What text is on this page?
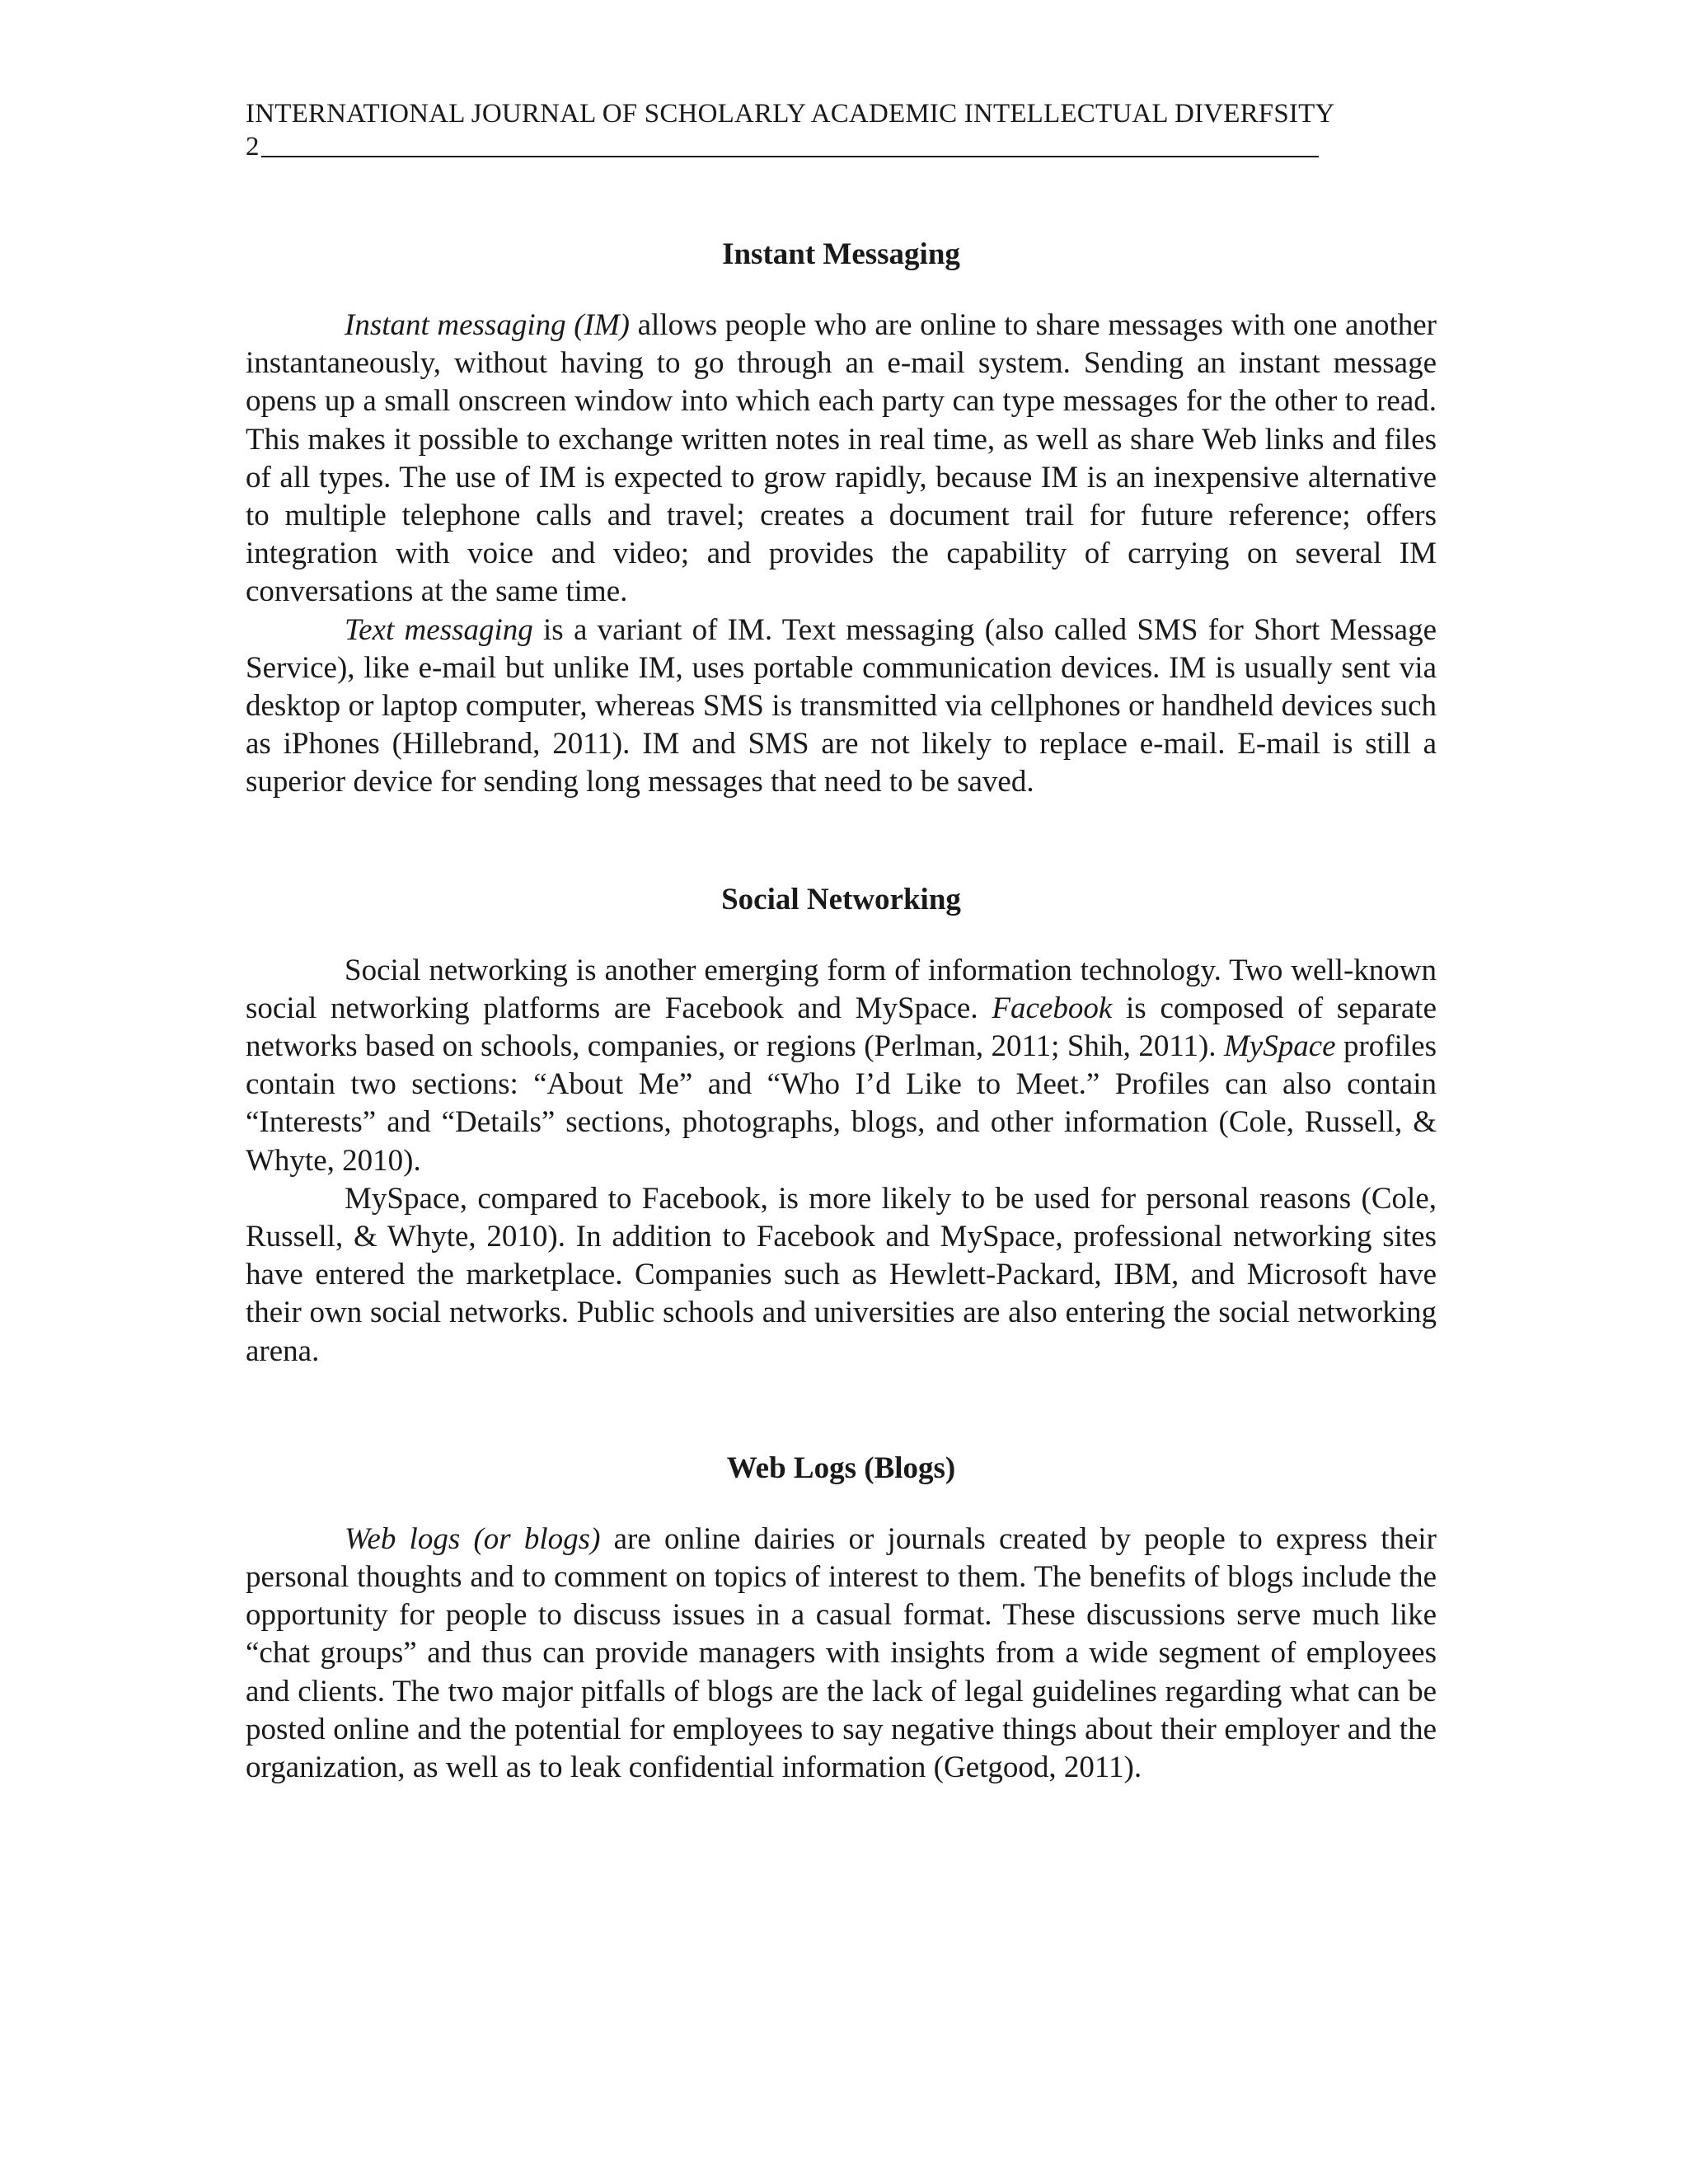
INTERNATIONAL JOURNAL OF SCHOLARLY ACADEMIC INTELLECTUAL DIVERFSITY
2
Instant Messaging

Instant messaging (IM) allows people who are online to share messages with one another instantaneously, without having to go through an e-mail system. Sending an instant message opens up a small onscreen window into which each party can type messages for the other to read. This makes it possible to exchange written notes in real time, as well as share Web links and files of all types. The use of IM is expected to grow rapidly, because IM is an inexpensive alternative to multiple telephone calls and travel; creates a document trail for future reference; offers integration with voice and video; and provides the capability of carrying on several IM conversations at the same time.

Text messaging is a variant of IM. Text messaging (also called SMS for Short Message Service), like e-mail but unlike IM, uses portable communication devices. IM is usually sent via desktop or laptop computer, whereas SMS is transmitted via cellphones or handheld devices such as iPhones (Hillebrand, 2011). IM and SMS are not likely to replace e-mail. E-mail is still a superior device for sending long messages that need to be saved.

Social Networking

Social networking is another emerging form of information technology. Two well-known social networking platforms are Facebook and MySpace. Facebook is composed of separate networks based on schools, companies, or regions (Perlman, 2011; Shih, 2011). MySpace profiles contain two sections: “About Me” and “Who I’d Like to Meet.” Profiles can also contain “Interests” and “Details” sections, photographs, blogs, and other information (Cole, Russell, & Whyte, 2010).

MySpace, compared to Facebook, is more likely to be used for personal reasons (Cole, Russell, & Whyte, 2010). In addition to Facebook and MySpace, professional networking sites have entered the marketplace. Companies such as Hewlett-Packard, IBM, and Microsoft have their own social networks. Public schools and universities are also entering the social networking arena.

Web Logs (Blogs)

Web logs (or blogs) are online dairies or journals created by people to express their personal thoughts and to comment on topics of interest to them. The benefits of blogs include the opportunity for people to discuss issues in a casual format. These discussions serve much like “chat groups” and thus can provide managers with insights from a wide segment of employees and clients. The two major pitfalls of blogs are the lack of legal guidelines regarding what can be posted online and the potential for employees to say negative things about their employer and the organization, as well as to leak confidential information (Getgood, 2011).
